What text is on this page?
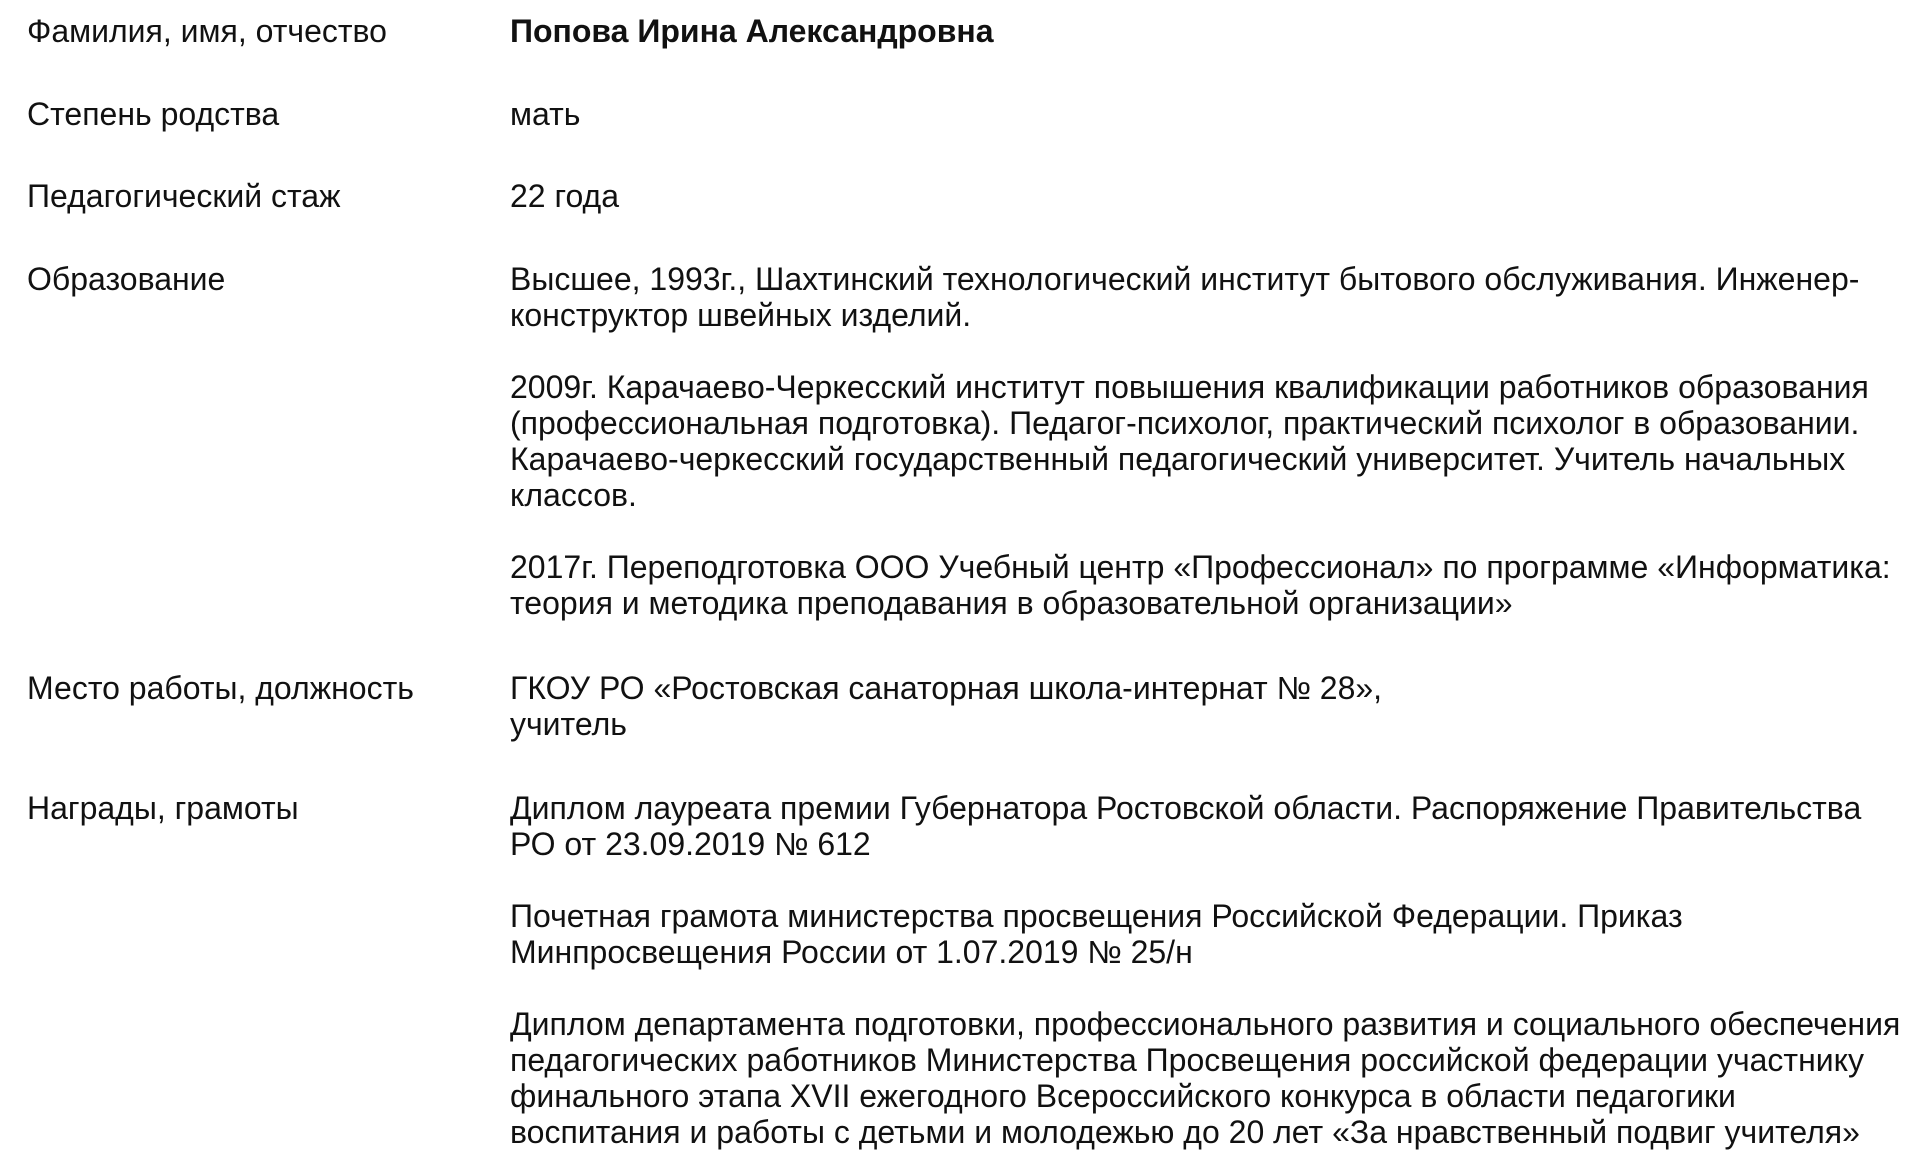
Фамилия, имя, отчество	Попова Ирина Александровна
Степень родства	мать
Педагогический стаж	22 года
Образование	Высшее, 1993г., Шахтинский технологический институт бытового обслуживания. Инженер-
конструктор швейных изделий.

2009г. Карачаево-Черкесский институт повышения квалификации работников образования
(профессиональная подготовка). Педагог-психолог, практический психолог в образовании.
Карачаево-черкесский государственный педагогический университет. Учитель начальных
классов.

2017г. Переподготовка ООО Учебный центр «Профессионал» по программе «Информатика:
теория и методика преподавания в образовательной организации»

Место работы, должность	ГКОУ РО «Ростовская санаторная школа-интернат № 28»,
учитель

Награды, грамоты	Диплом лауреата премии Губернатора Ростовской области. Распоряжение Правительства
РО от 23.09.2019 № 612

Почетная грамота министерства просвещения Российской Федерации. Приказ
Минпросвещения России от 1.07.2019 № 25/н

Диплом департамента подготовки, профессионального развития и социального обеспечения
педагогических работников Министерства Просвещения российской федерации участнику
финального этапа XVII ежегодного Всероссийского конкурса в области педагогики
воспитания и работы с детьми и молодежью до 20 лет «За нравственный подвиг учителя»
